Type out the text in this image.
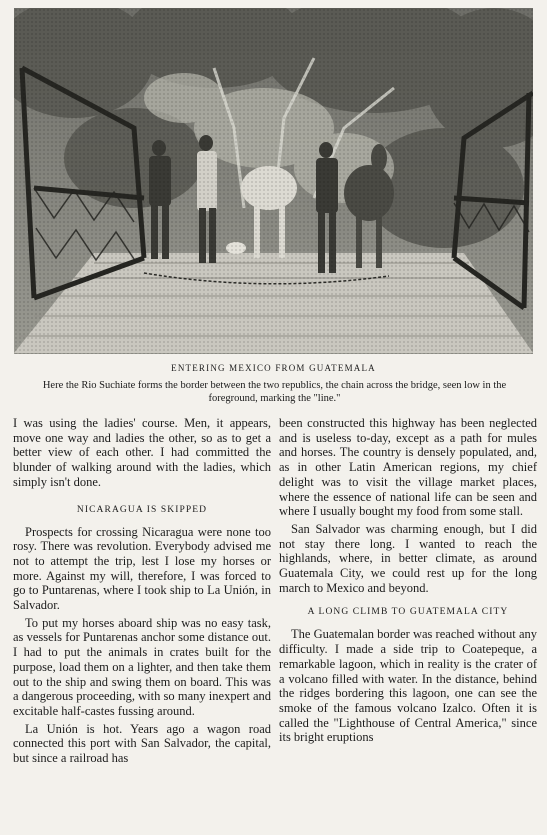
ENTERING MEXICO FROM GUATEMALA
Here the Rio Suchiate forms the border between the two republics, the chain across the bridge, seen low in the foreground, marking the "line."

I was using the ladies' course. Men, it appears, move one way and ladies the other, so as to get a better view of each other. I had committed the blunder of walking around with the ladies, which simply isn't done.

NICARAGUA IS SKIPPED

Prospects for crossing Nicaragua were none too rosy. There was revolution. Everybody advised me not to attempt the trip, lest I lose my horses or more. Against my will, therefore, I was forced to go to Puntarenas, where I took ship to La Unión, in Salvador.

To put my horses aboard ship was no easy task, as vessels for Puntarenas anchor some distance out. I had to put the animals in crates built for the purpose, load them on a lighter, and then take them out to the ship and swing them on board. This was a dangerous proceeding, with so many inexpert and excitable half-castes fussing around.

La Unión is hot. Years ago a wagon road connected this port with San Salvador, the capital, but since a railroad has

been constructed this highway has been neglected and is useless to-day, except as a path for mules and horses. The country is densely populated, and, as in other Latin American regions, my chief delight was to visit the village market places, where the essence of national life can be seen and where I usually bought my food from some stall.

San Salvador was charming enough, but I did not stay there long. I wanted to reach the highlands, where, in better climate, as around Guatemala City, we could rest up for the long march to Mexico and beyond.

A LONG CLIMB TO GUATEMALA CITY

The Guatemalan border was reached without any difficulty. I made a side trip to Coatepeque, a remarkable lagoon, which in reality is the crater of a volcano filled with water. In the distance, behind the ridges bordering this lagoon, one can see the smoke of the famous volcano Izalco. Often it is called the "Lighthouse of Central America," since its bright eruptions
